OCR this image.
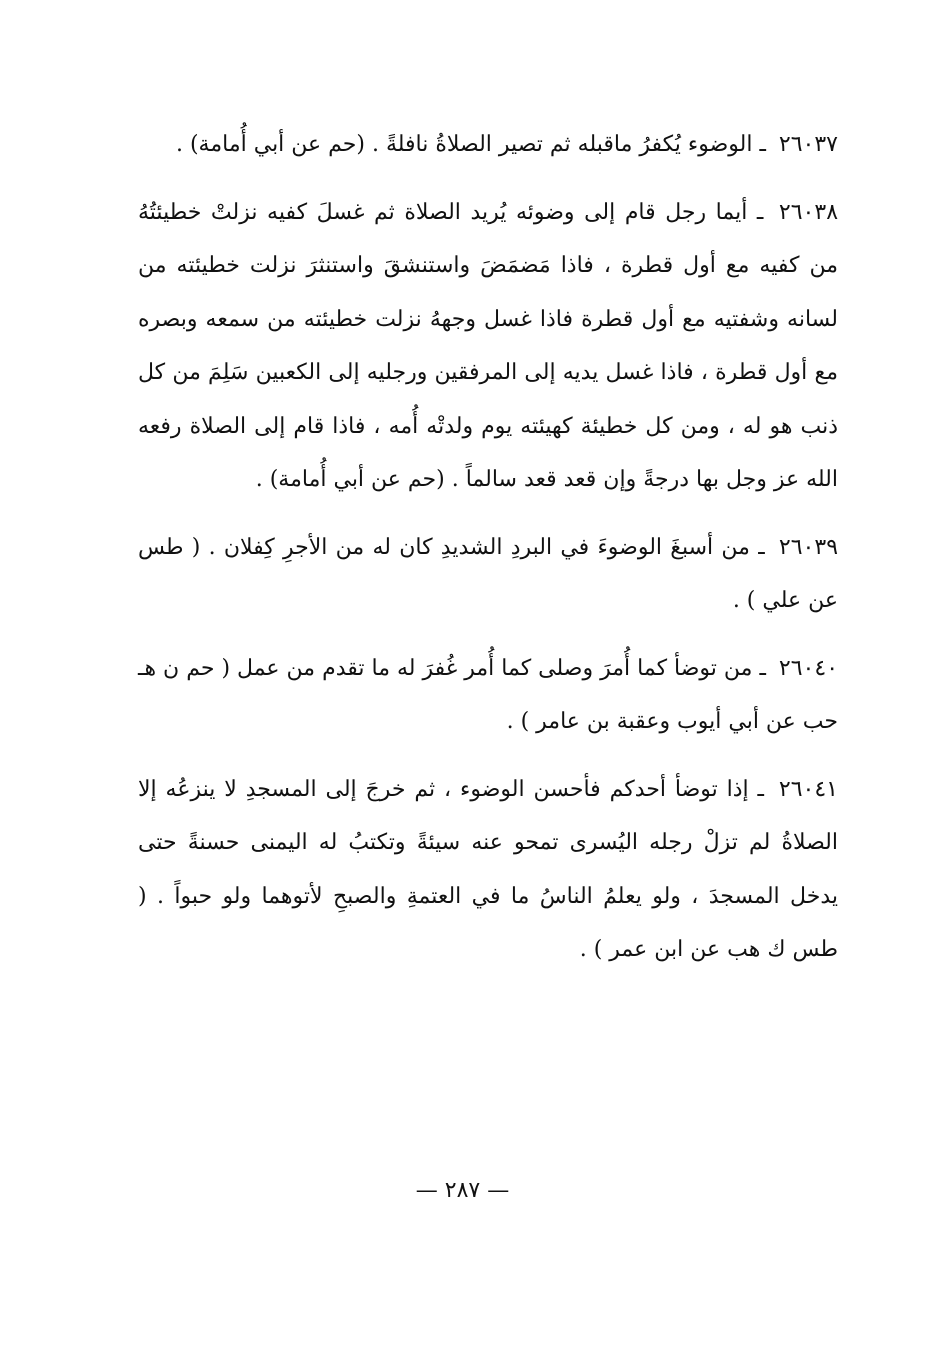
٢٦٠٣٧ ـ الوضوء يُكفرُ ماقبله ثم تصير الصلاةُ نافلةً . (حم عن أبي أُمامة) .

٢٦٠٣٨ ـ أيما رجل قام إلى وضوئه يُريد الصلاة ثم غسلَ كفيه نزلتْ خطيئتُهُ من كفيه مع أول قطرة ، فاذا مَضمَضَ واستنشقَ واستنثرَ نزلت خطيئته من لسانه وشفتيه مع أول قطرة فاذا غسل وجههُ نزلت خطيئته من سمعه وبصره مع أول قطرة ، فاذا غسل يديه إلى المرفقين ورجليه إلى الكعبين سَلِمَ من كل ذنب هو له ، ومن كل خطيئة كهيئته يوم ولدتْه أُمه ، فاذا قام إلى الصلاة رفعه الله عز وجل بها درجةً وإن قعد قعد سالماً . (حم عن أبي أُمامة) .

٢٦٠٣٩ ـ من أسبغَ الوضوءَ في البردِ الشديدِ كان له من الأجرِ كِفلان . ( طس عن علي ) .

٢٦٠٤٠ ـ من توضأ كما أُمرَ وصلى كما أُمر غُفرَ له ما تقدم من عمل ( حم ن هـ حب عن أبي أيوب وعقبة بن عامر ) .

٢٦٠٤١ ـ إذا توضأ أحدكم فأحسن الوضوء ، ثم خرجَ إلى المسجدِ لا ينزعُه إلا الصلاةُ لم تزلْ رجله اليُسرى تمحو عنه سيئةً وتكتبُ له اليمنى حسنةً حتى يدخل المسجدَ ، ولو يعلمُ الناسُ ما في العتمةِ والصبحِ لأتوهما ولو حبواً . ( طس ك هب عن ابن عمر ) .

— ٢٨٧ —
